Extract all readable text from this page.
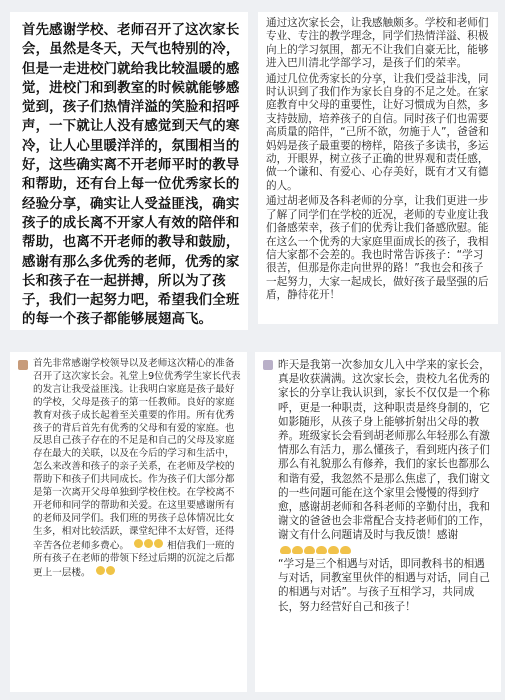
首先感谢学校、老师召开了这次家长会，虽然是冬天，天气也特别的冷，但是一走进校门就给我比较温暖的感觉，进校门和到教室的时候就能够感觉到，孩子们热情洋溢的笑脸和招呼声，一下就让人没有感觉到天气的寒冷，让人心里暖洋洋的，氛围相当的好，这些确实离不开老师平时的教导和帮助，还有台上每一位优秀家长的经验分享，确实让人受益匪浅，确实孩子的成长离不开家人有效的陪伴和帮助，也离不开老师的教导和鼓励，感谢有那么多优秀的老师，优秀的家长和孩子在一起拼搏，所以为了孩子，我们一起努力吧，希望我们全班的每一个孩子都能够展翅高飞。

通过这次家长会，让我感触颇多。学校和老师们专业、专注的教学理念，同学们热情洋溢、积极向上的学习氛围，都无不让我们自豪无比，能够进入巴川清北学部学习，是孩子们的荣幸。

通过几位优秀家长的分享，让我们受益非浅，同时认识到了我们作为家长自身的不足之处。在家庭教育中父母的重要性，让好习惯成为自然，多支持鼓励，培养孩子的自信。同时孩子们也需要高质量的陪伴，“己所不欲，勿施于人”，爸爸和妈妈是孩子最重要的榜样，陪孩子多读书，多运动，开眼界，树立孩子正确的世界观和责任感，做一个谦和、有爱心、心存美好，既有才又有德的人。

通过胡老师及各科老师的分享，让我们更进一步了解了同学们在学校的近况，老师的专业度让我们备感荣幸，孩子们的优秀让我们备感欣慰。能在这么一个优秀的大家庭里面成长的孩子，我相信大家都不会差的。我也时常告诉孩子：“学习很苦，但那是你走向世界的路！”我也会和孩子一起努力，大家一起成长，做好孩子最坚强的后盾，静待花开！

首先非常感谢学校领导以及老师这次精心的准备召开了这次家长会。礼堂上9位优秀学生家长代表的发言让我受益匪浅。让我明白家庭是孩子最好的学校，父母是孩子的第一任教师。良好的家庭教育对孩子成长起着至关重要的作用。所有优秀孩子的背后首先有优秀的父母和有爱的家庭。也反思自己孩子存在的不足是和自己的父母及家庭存在最大的关联，以及在今后的学习和生活中，怎么来改善和孩子的亲子关系，在老师及学校的帮助下和孩子们共同成长。作为孩子们大部分都是第一次离开父母单独到学校住校。在学校离不开老师和同学的帮助和关爱。在这里要感谢所有的老师及同学们。我们班的男孩子总体情况比女生多，相对比较活跃，课堂纪律不太好管，还得辛苦各位老师多费心。	相信我们一班的所有孩子在老师的带领下经过后期的沉淀之后都更上一层楼。

昨天是我第一次参加女儿入中学来的家长会，真是收获满满。这次家长会，贵校九名优秀的家长的分享让我认识到，家长不仅仅是一个称呼，更是一种职责，这种职责是终身制的，它如影随形，从孩子身上能够折射出父母的教养。班级家长会看到胡老师那么年轻那么有激情那么有活力，那么懂孩子，看到班内孩子们那么有礼貌那么有修养，我们的家长也都那么和谐有爱，我忽然不是那么焦虑了，我们谢文的一些问题可能在这个家里会慢慢的得到疗愈，感谢胡老师和各科老师的辛勤付出，我和谢文的爸爸也会非常配合支持老师们的工作，谢文有什么问题请及时与我反馈！感谢

“学习是三个相遇与对话，即同教科书的相遇与对话，同教室里伙伴的相遇与对话，同自己的相遇与对话”。与孩子互相学习，共同成长，努力经营好自己和孩子！
